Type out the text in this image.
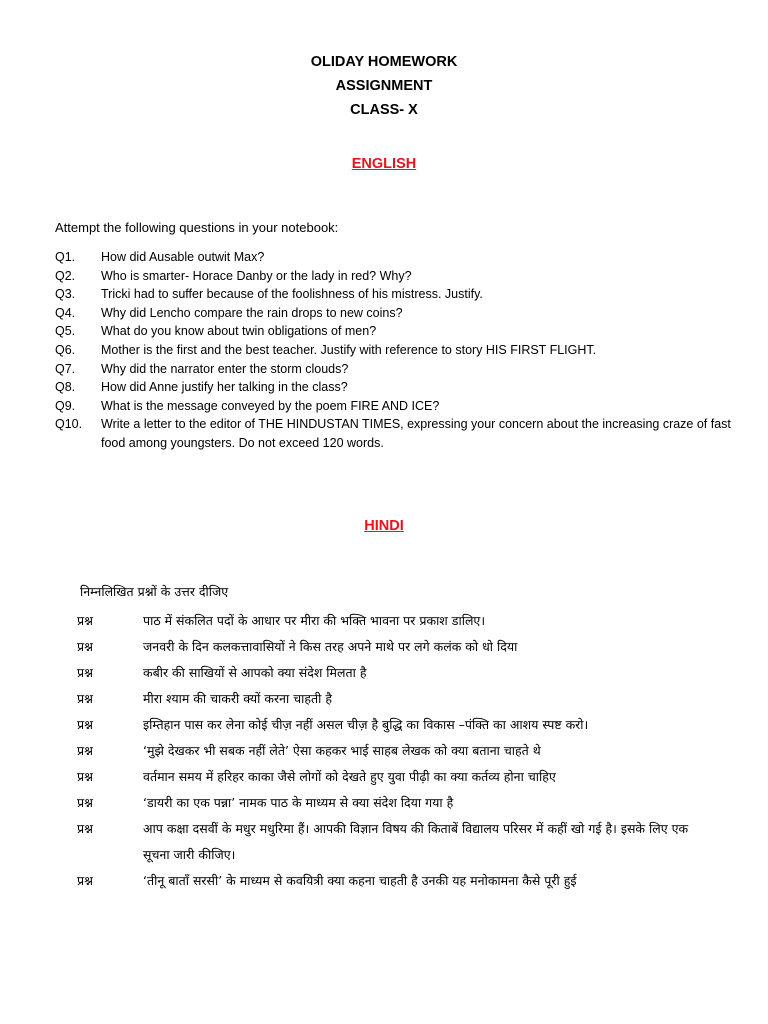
OLIDAY HOMEWORK
ASSIGNMENT
CLASS- X
ENGLISH
Attempt the following questions in your notebook:
Q1.	How did Ausable outwit Max?
Q2.	Who is smarter- Horace Danby or the lady in red? Why?
Q3.	Tricki had to suffer because of the foolishness of his mistress. Justify.
Q4.	Why did Lencho compare the rain drops to new coins?
Q5.	What do you know about twin obligations of men?
Q6.	Mother is the first and the best teacher. Justify with reference to story HIS FIRST FLIGHT.
Q7.	Why did the narrator enter the storm clouds?
Q8.	How did Anne justify her talking in the class?
Q9.	What is the message conveyed by the poem FIRE AND ICE?
Q10.	Write a letter to the editor of THE HINDUSTAN TIMES, expressing your concern about the increasing craze of fast food among youngsters. Do not exceed 120 words.
HINDI
निम्नलिखित प्रश्नों के उत्तर दीजिए
प्रश्न	पाठ में संकलित पदों के आधार पर मीरा की भक्ति भावना पर प्रकाश डालिए।
प्रश्न	जनवरी के दिन कलकत्तावासियों ने किस तरह अपने माथे पर लगे कलंक को धो दिया
प्रश्न	कबीर की साखियों से आपको क्या संदेश मिलता है
प्रश्न	मीरा श्याम की चाकरी क्यों करना चाहती है
प्रश्न	इम्तिहान पास कर लेना कोई चीज़ नहीं असल चीज़ है बुद्धि का विकास –पंक्ति का आशय स्पष्ट करो।
प्रश्न	‘मुझे देखकर भी सबक नहीं लेते’ ऐसा कहकर भाई साहब लेखक को क्या बताना चाहते थे
प्रश्न	वर्तमान समय में हरिहर काका जैसे लोगों को देखते हुए युवा पीढ़ी का क्या कर्तव्य होना चाहिए
प्रश्न	‘डायरी का एक पन्ना’ नामक पाठ के माध्यम से क्या संदेश दिया गया है
प्रश्न	आप कक्षा दसवीं के मधुर मधुरिमा हैं। आपकी विज्ञान विषय की किताबें विद्यालय परिसर में कहीं खो गई है। इसके लिए एक सूचना जारी कीजिए।
प्रश्न	‘तीनू बाताँ सरसी’ के माध्यम से कवयित्री क्या कहना चाहती है उनकी यह मनोकामना कैसे पूरी हुई
